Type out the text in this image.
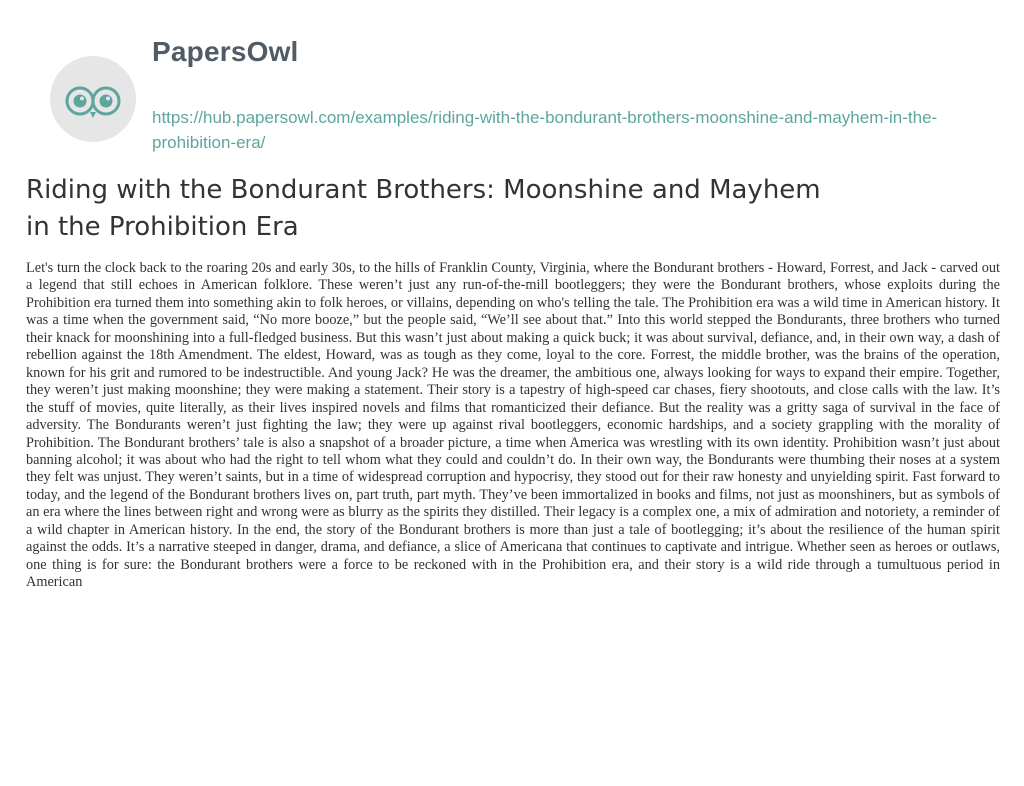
PapersOwl
https://hub.papersowl.com/examples/riding-with-the-bondurant-brothers-moonshine-and-mayhem-in-the-prohibition-era/
Riding with the Bondurant Brothers: Moonshine and Mayhem in the Prohibition Era

Let's turn the clock back to the roaring 20s and early 30s, to the hills of Franklin County, Virginia, where the Bondurant brothers - Howard, Forrest, and Jack - carved out a legend that still echoes in American folklore. These weren’t just any run-of-the-mill bootleggers; they were the Bondurant brothers, whose exploits during the Prohibition era turned them into something akin to folk heroes, or villains, depending on who's telling the tale. The Prohibition era was a wild time in American history. It was a time when the government said, “No more booze,” but the people said, “We’ll see about that.” Into this world stepped the Bondurants, three brothers who turned their knack for moonshining into a full-fledged business. But this wasn’t just about making a quick buck; it was about survival, defiance, and, in their own way, a dash of rebellion against the 18th Amendment. The eldest, Howard, was as tough as they come, loyal to the core. Forrest, the middle brother, was the brains of the operation, known for his grit and rumored to be indestructible. And young Jack? He was the dreamer, the ambitious one, always looking for ways to expand their empire. Together, they weren’t just making moonshine; they were making a statement. Their story is a tapestry of high-speed car chases, fiery shootouts, and close calls with the law. It’s the stuff of movies, quite literally, as their lives inspired novels and films that romanticized their defiance. But the reality was a gritty saga of survival in the face of adversity. The Bondurants weren’t just fighting the law; they were up against rival bootleggers, economic hardships, and a society grappling with the morality of Prohibition. The Bondurant brothers’ tale is also a snapshot of a broader picture, a time when America was wrestling with its own identity. Prohibition wasn’t just about banning alcohol; it was about who had the right to tell whom what they could and couldn’t do. In their own way, the Bondurants were thumbing their noses at a system they felt was unjust. They weren’t saints, but in a time of widespread corruption and hypocrisy, they stood out for their raw honesty and unyielding spirit. Fast forward to today, and the legend of the Bondurant brothers lives on, part truth, part myth. They’ve been immortalized in books and films, not just as moonshiners, but as symbols of an era where the lines between right and wrong were as blurry as the spirits they distilled. Their legacy is a complex one, a mix of admiration and notoriety, a reminder of a wild chapter in American history. In the end, the story of the Bondurant brothers is more than just a tale of bootlegging; it’s about the resilience of the human spirit against the odds. It’s a narrative steeped in danger, drama, and defiance, a slice of Americana that continues to captivate and intrigue. Whether seen as heroes or outlaws, one thing is for sure: the Bondurant brothers were a force to be reckoned with in the Prohibition era, and their story is a wild ride through a tumultuous period in American
